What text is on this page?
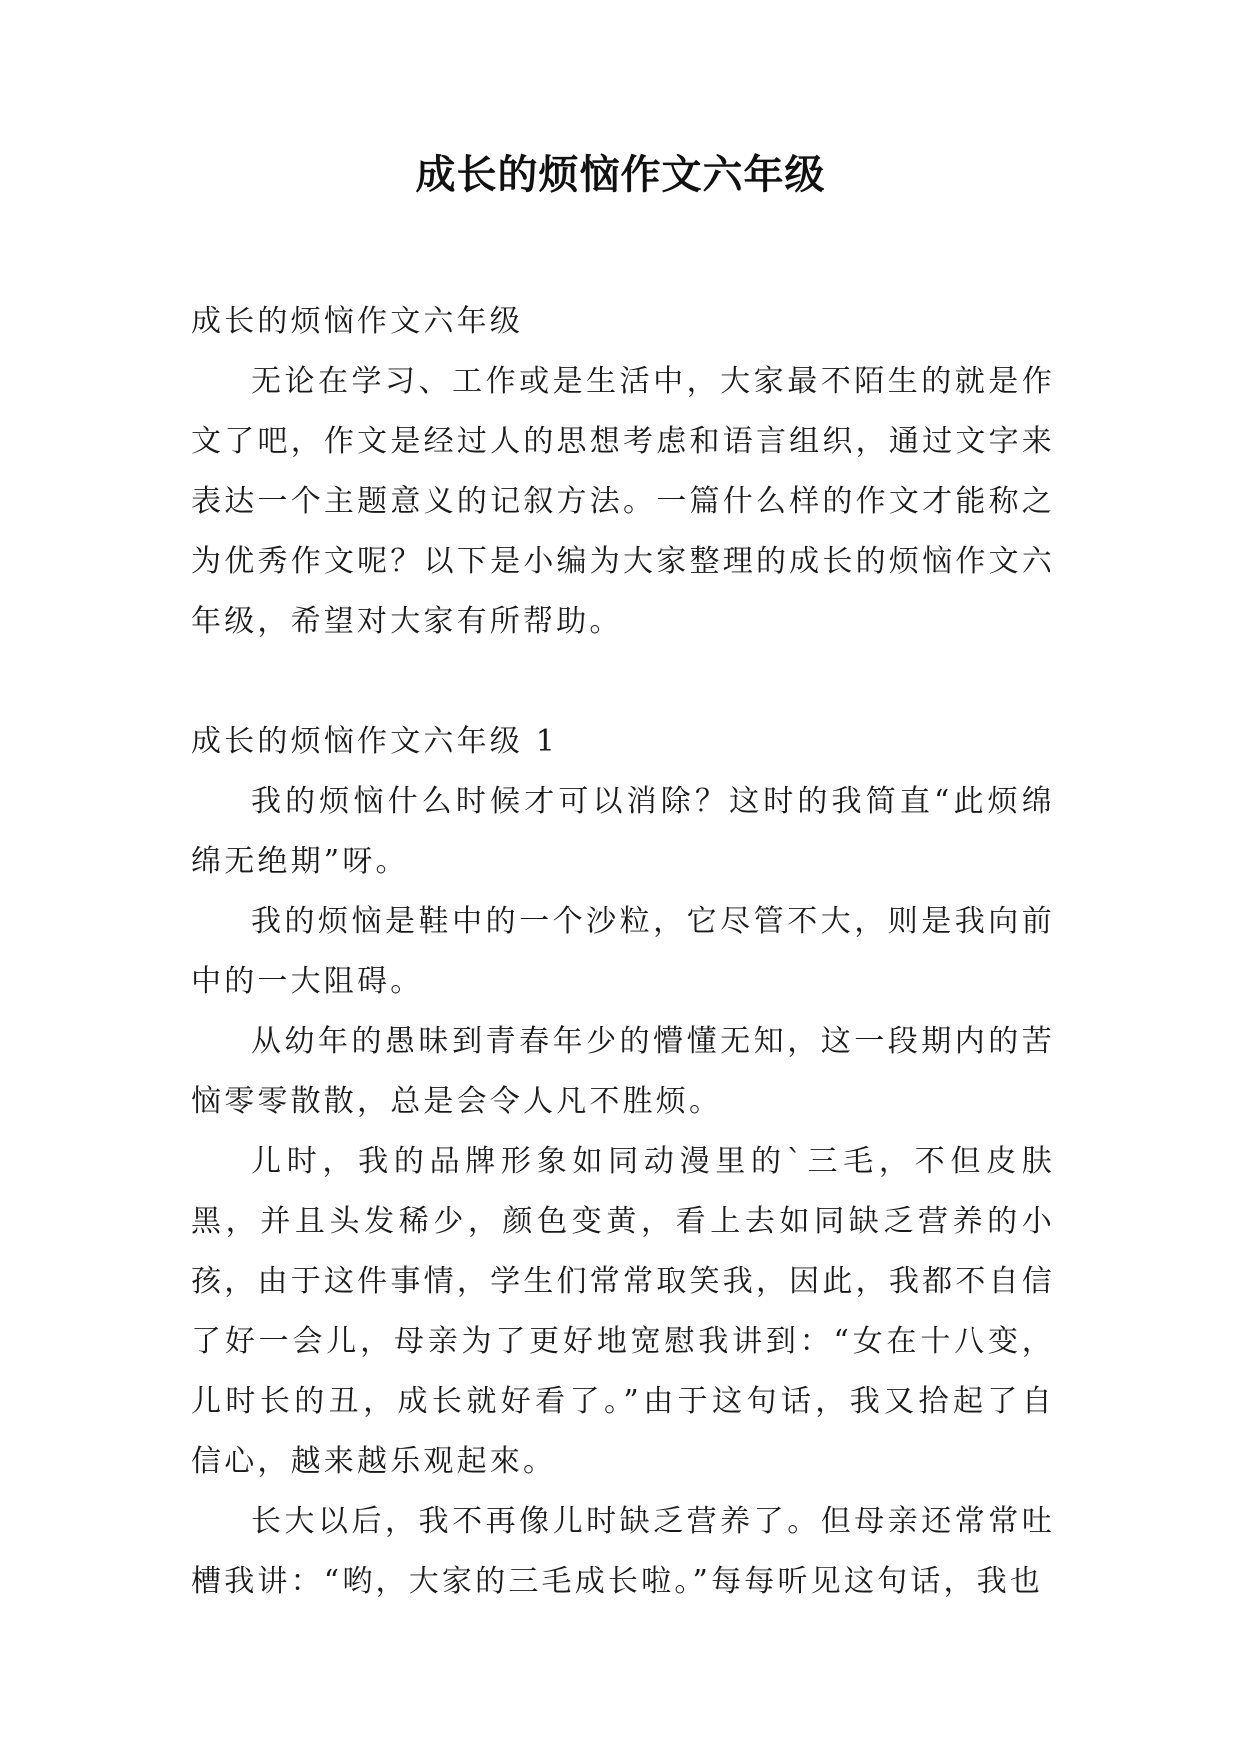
成长的烦恼作文六年级

成长的烦恼作文六年级

无论在学习、工作或是生活中，大家最不陌生的就是作文了吧，作文是经过人的思想考虑和语言组织，通过文字来表达一个主题意义的记叙方法。一篇什么样的作文才能称之为优秀作文呢？以下是小编为大家整理的成长的烦恼作文六年级，希望对大家有所帮助。

成长的烦恼作文六年级 1

我的烦恼什么时候才可以消除？这时的我简直“此烦绵绵无绝期”呀。

我的烦恼是鞋中的一个沙粒，它尽管不大，则是我向前中的一大阻碍。

从幼年的愚昧到青春年少的懵懂无知，这一段期内的苦恼零零散散，总是会令人凡不胜烦。

儿时，我的品牌形象如同动漫里的`三毛，不但皮肤黑，并且头发稀少，颜色变黄，看上去如同缺乏营养的小孩，由于这件事情，学生们常常取笑我，因此，我都不自信了好一会儿，母亲为了更好地宽慰我讲到：“女在十八变，儿时长的丑，成长就好看了。”由于这句话，我又拾起了自信心，越来越乐观起來。

长大以后，我不再像儿时缺乏营养了。但母亲还常常吐槽我讲：“哟，大家的三毛成长啦。”每每听见这句话，我也
